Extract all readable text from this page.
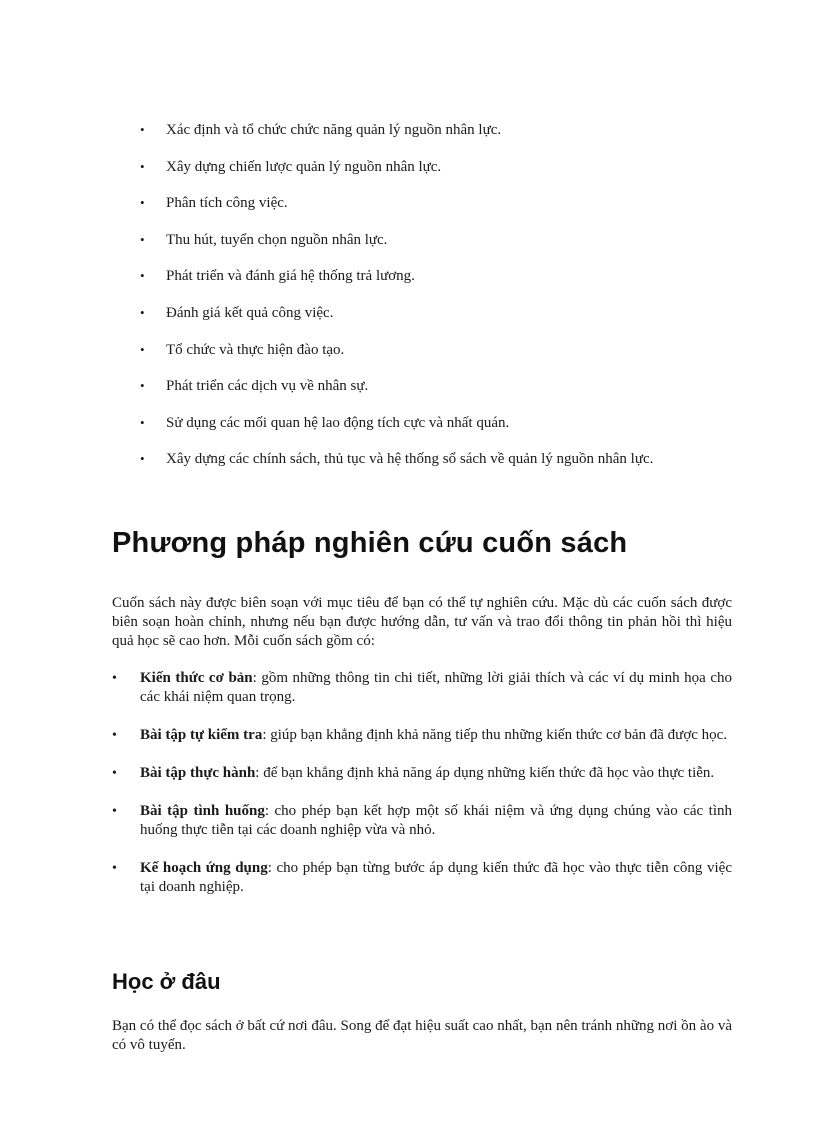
• Xác định và tổ chức chức năng quản lý nguồn nhân lực.
• Xây dựng chiến lược quản lý nguồn nhân lực.
• Phân tích công việc.
• Thu hút, tuyển chọn nguồn nhân lực.
• Phát triển và đánh giá hệ thống trả lương.
• Đánh giá kết quả công việc.
• Tổ chức và thực hiện đào tạo.
• Phát triển các dịch vụ về nhân sự.
• Sử dụng các mối quan hệ lao động tích cực và nhất quán.
• Xây dựng các chính sách, thủ tục và hệ thống sổ sách về quản lý nguồn nhân lực.
Phương pháp nghiên cứu cuốn sách

Cuốn sách này được biên soạn với mục tiêu để bạn có thể tự nghiên cứu. Mặc dù các cuốn sách được biên soạn hoàn chỉnh, nhưng nếu bạn được hướng dẫn, tư vấn và trao đổi thông tin phản hồi thì hiệu quả học sẽ cao hơn. Mỗi cuốn sách gồm có:

• Kiến thức cơ bản: gồm những thông tin chi tiết, những lời giải thích và các ví dụ minh họa cho các khái niệm quan trọng.
• Bài tập tự kiểm tra: giúp bạn khẳng định khả năng tiếp thu những kiến thức cơ bản đã được học.
• Bài tập thực hành: để bạn khẳng định khả năng áp dụng những kiến thức đã học vào thực tiễn.
• Bài tập tình huống: cho phép bạn kết hợp một số khái niệm và ứng dụng chúng vào các tình huống thực tiễn tại các doanh nghiệp vừa và nhỏ.
• Kế hoạch ứng dụng: cho phép bạn từng bước áp dụng kiến thức đã học vào thực tiễn công việc tại doanh nghiệp.
Học ở đâu

Bạn có thể đọc sách ở bất cứ nơi đâu. Song để đạt hiệu suất cao nhất, bạn nên tránh những nơi ồn ào và có vô tuyến.
